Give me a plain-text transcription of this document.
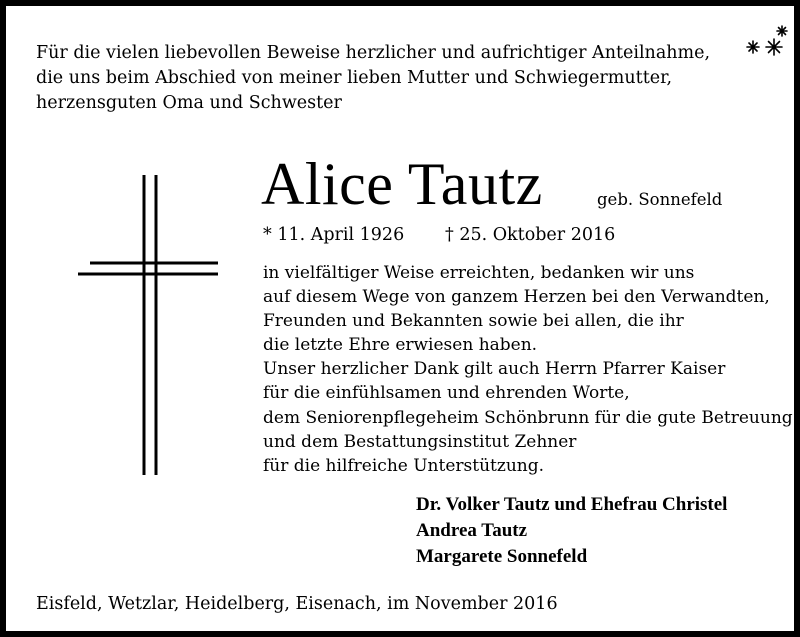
Für die vielen liebevollen Beweise herzlicher und aufrichtiger Anteilnahme,
die uns beim Abschied von meiner lieben Mutter und Schwiegermutter,
herzensguten Oma und Schwester
Alice Tautz	geb. Sonnefeld
* 11. April 1926 † 25. Oktober 2016
in vielfältiger Weise erreichten, bedanken wir uns
auf diesem Wege von ganzem Herzen bei den Verwandten,
Freunden und Bekannten sowie bei allen, die ihr
die letzte Ehre erwiesen haben.
Unser herzlicher Dank gilt auch Herrn Pfarrer Kaiser
für die einfühlsamen und ehrenden Worte,
dem Seniorenpflegeheim Schönbrunn für die gute Betreuung
und dem Bestattungsinstitut Zehner
für die hilfreiche Unterstützung.
Dr. Volker Tautz und Ehefrau Christel
Andrea Tautz
Margarete Sonnefeld
Eisfeld, Wetzlar, Heidelberg, Eisenach, im November 2016
